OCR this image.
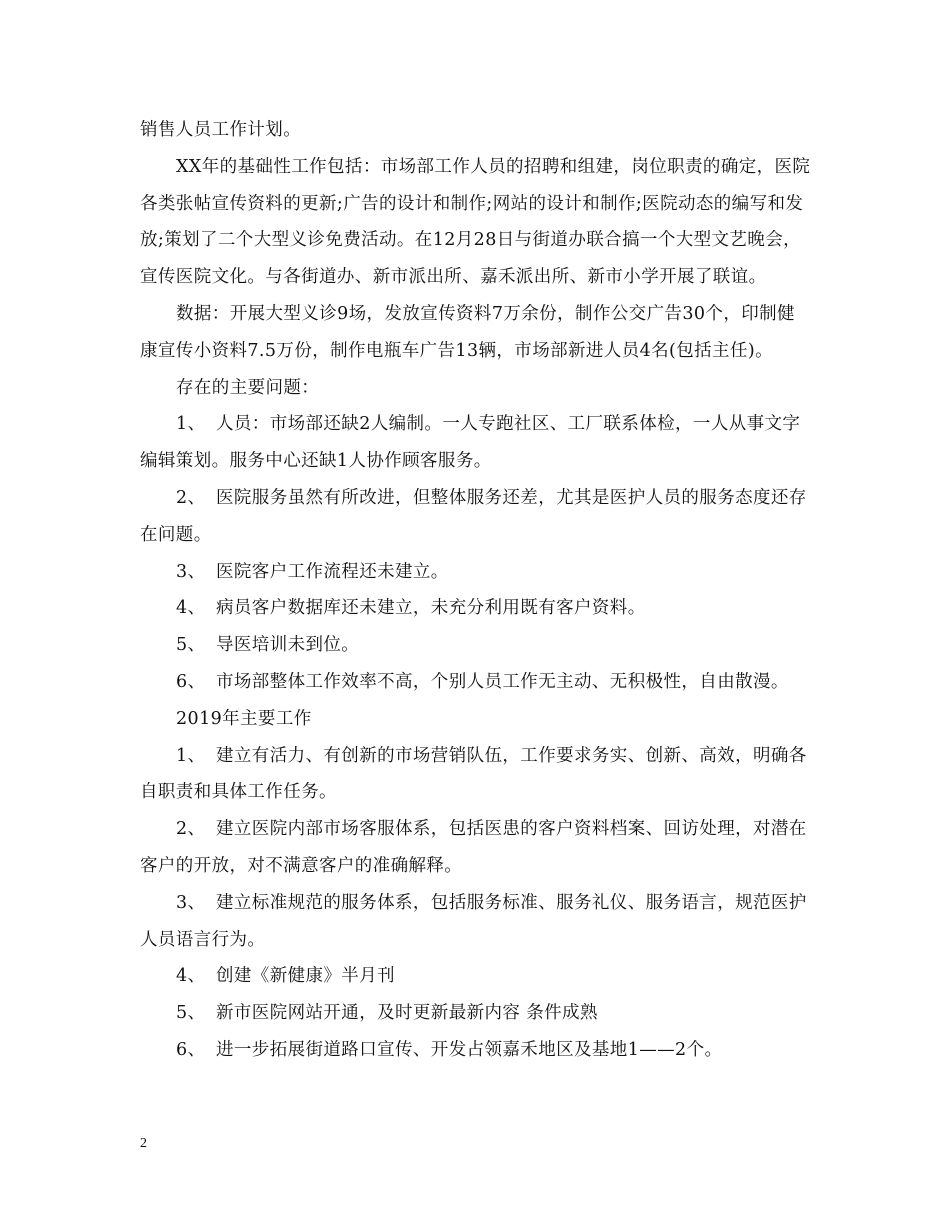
销售人员工作计划。

XX年的基础性工作包括：市场部工作人员的招聘和组建，岗位职责的确定，医院各类张帖宣传资料的更新;广告的设计和制作;网站的设计和制作;医院动态的编写和发放;策划了二个大型义诊免费活动。在12月28日与街道办联合搞一个大型文艺晚会，宣传医院文化。与各街道办、新市派出所、嘉禾派出所、新市小学开展了联谊。

数据：开展大型义诊9场，发放宣传资料7万余份，制作公交广告30个，印制健康宣传小资料7.5万份，制作电瓶车广告13辆，市场部新进人员4名(包括主任)。

存在的主要问题：

1、 人员：市场部还缺2人编制。一人专跑社区、工厂联系体检，一人从事文字编辑策划。服务中心还缺1人协作顾客服务。

2、 医院服务虽然有所改进，但整体服务还差，尤其是医护人员的服务态度还存在问题。

3、 医院客户工作流程还未建立。

4、 病员客户数据库还未建立，未充分利用既有客户资料。

5、 导医培训未到位。

6、 市场部整体工作效率不高，个别人员工作无主动、无积极性，自由散漫。

2019年主要工作

1、 建立有活力、有创新的市场营销队伍，工作要求务实、创新、高效，明确各自职责和具体工作任务。

2、 建立医院内部市场客服体系，包括医患的客户资料档案、回访处理，对潜在客户的开放，对不满意客户的准确解释。

3、 建立标准规范的服务体系，包括服务标准、服务礼仪、服务语言，规范医护人员语言行为。

4、 创建《新健康》半月刊

5、 新市医院网站开通，及时更新最新内容 条件成熟

6、 进一步拓展街道路口宣传、开发占领嘉禾地区及基地1——2个。

2
